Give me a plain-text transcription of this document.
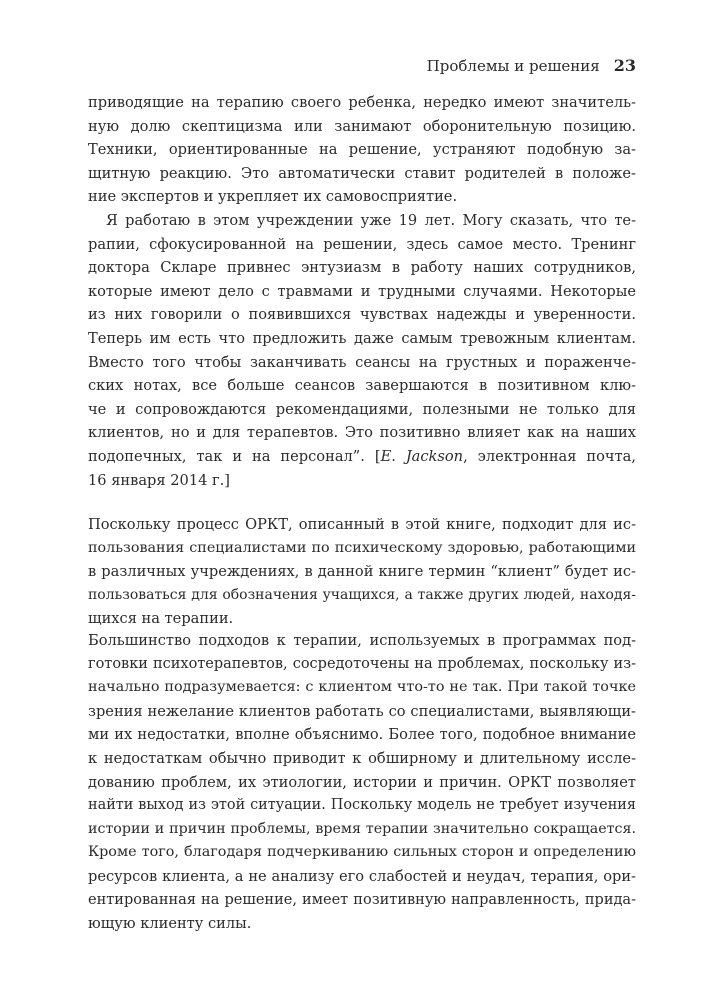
Проблемы и решения 23
приводящие на терапию своего ребенка, нередко имеют значитель-
ную долю скептицизма или занимают оборонительную позицию.
Техники, ориентированные на решение, устраняют подобную за-
щитную реакцию. Это автоматически ставит родителей в положе-
ние экспертов и укрепляет их самовосприятие.
Я работаю в этом учреждении уже 19 лет. Могу сказать, что те-
рапии, сфокусированной на решении, здесь самое место. Тренинг
доктора Скларе привнес энтузиазм в работу наших сотрудников,
которые имеют дело с травмами и трудными случаями. Некоторые
из них говорили о появившихся чувствах надежды и уверенности.
Теперь им есть что предложить даже самым тревожным клиентам.
Вместо того чтобы заканчивать сеансы на грустных и пораженче-
ских нотах, все больше сеансов завершаются в позитивном клю-
че и сопровождаются рекомендациями, полезными не только для
клиентов, но и для терапевтов. Это позитивно влияет как на наших
подопечных, так и на персонал”. [E. Jackson, электронная почта,
16 января 2014 г.]
Поскольку процесс ОРКТ, описанный в этой книге, подходит для ис-
пользования специалистами по психическому здоровью, работающими
в различных учреждениях, в данной книге термин “клиент” будет ис-
пользоваться для обозначения учащихся, а также других людей, находя-
щихся на терапии.
Большинство подходов к терапии, используемых в программах под-
готовки психотерапевтов, сосредоточены на проблемах, поскольку из-
начально подразумевается: с клиентом что-то не так. При такой точке
зрения нежелание клиентов работать со специалистами, выявляющи-
ми их недостатки, вполне объяснимо. Более того, подобное внимание
к недостаткам обычно приводит к обширному и длительному иссле-
дованию проблем, их этиологии, истории и причин. ОРКТ позволяет
найти выход из этой ситуации. Поскольку модель не требует изучения
истории и причин проблемы, время терапии значительно сокращается.
Кроме того, благодаря подчеркиванию сильных сторон и определению
ресурсов клиента, а не анализу его слабостей и неудач, терапия, ори-
ентированная на решение, имеет позитивную направленность, прида-
ющую клиенту силы.
